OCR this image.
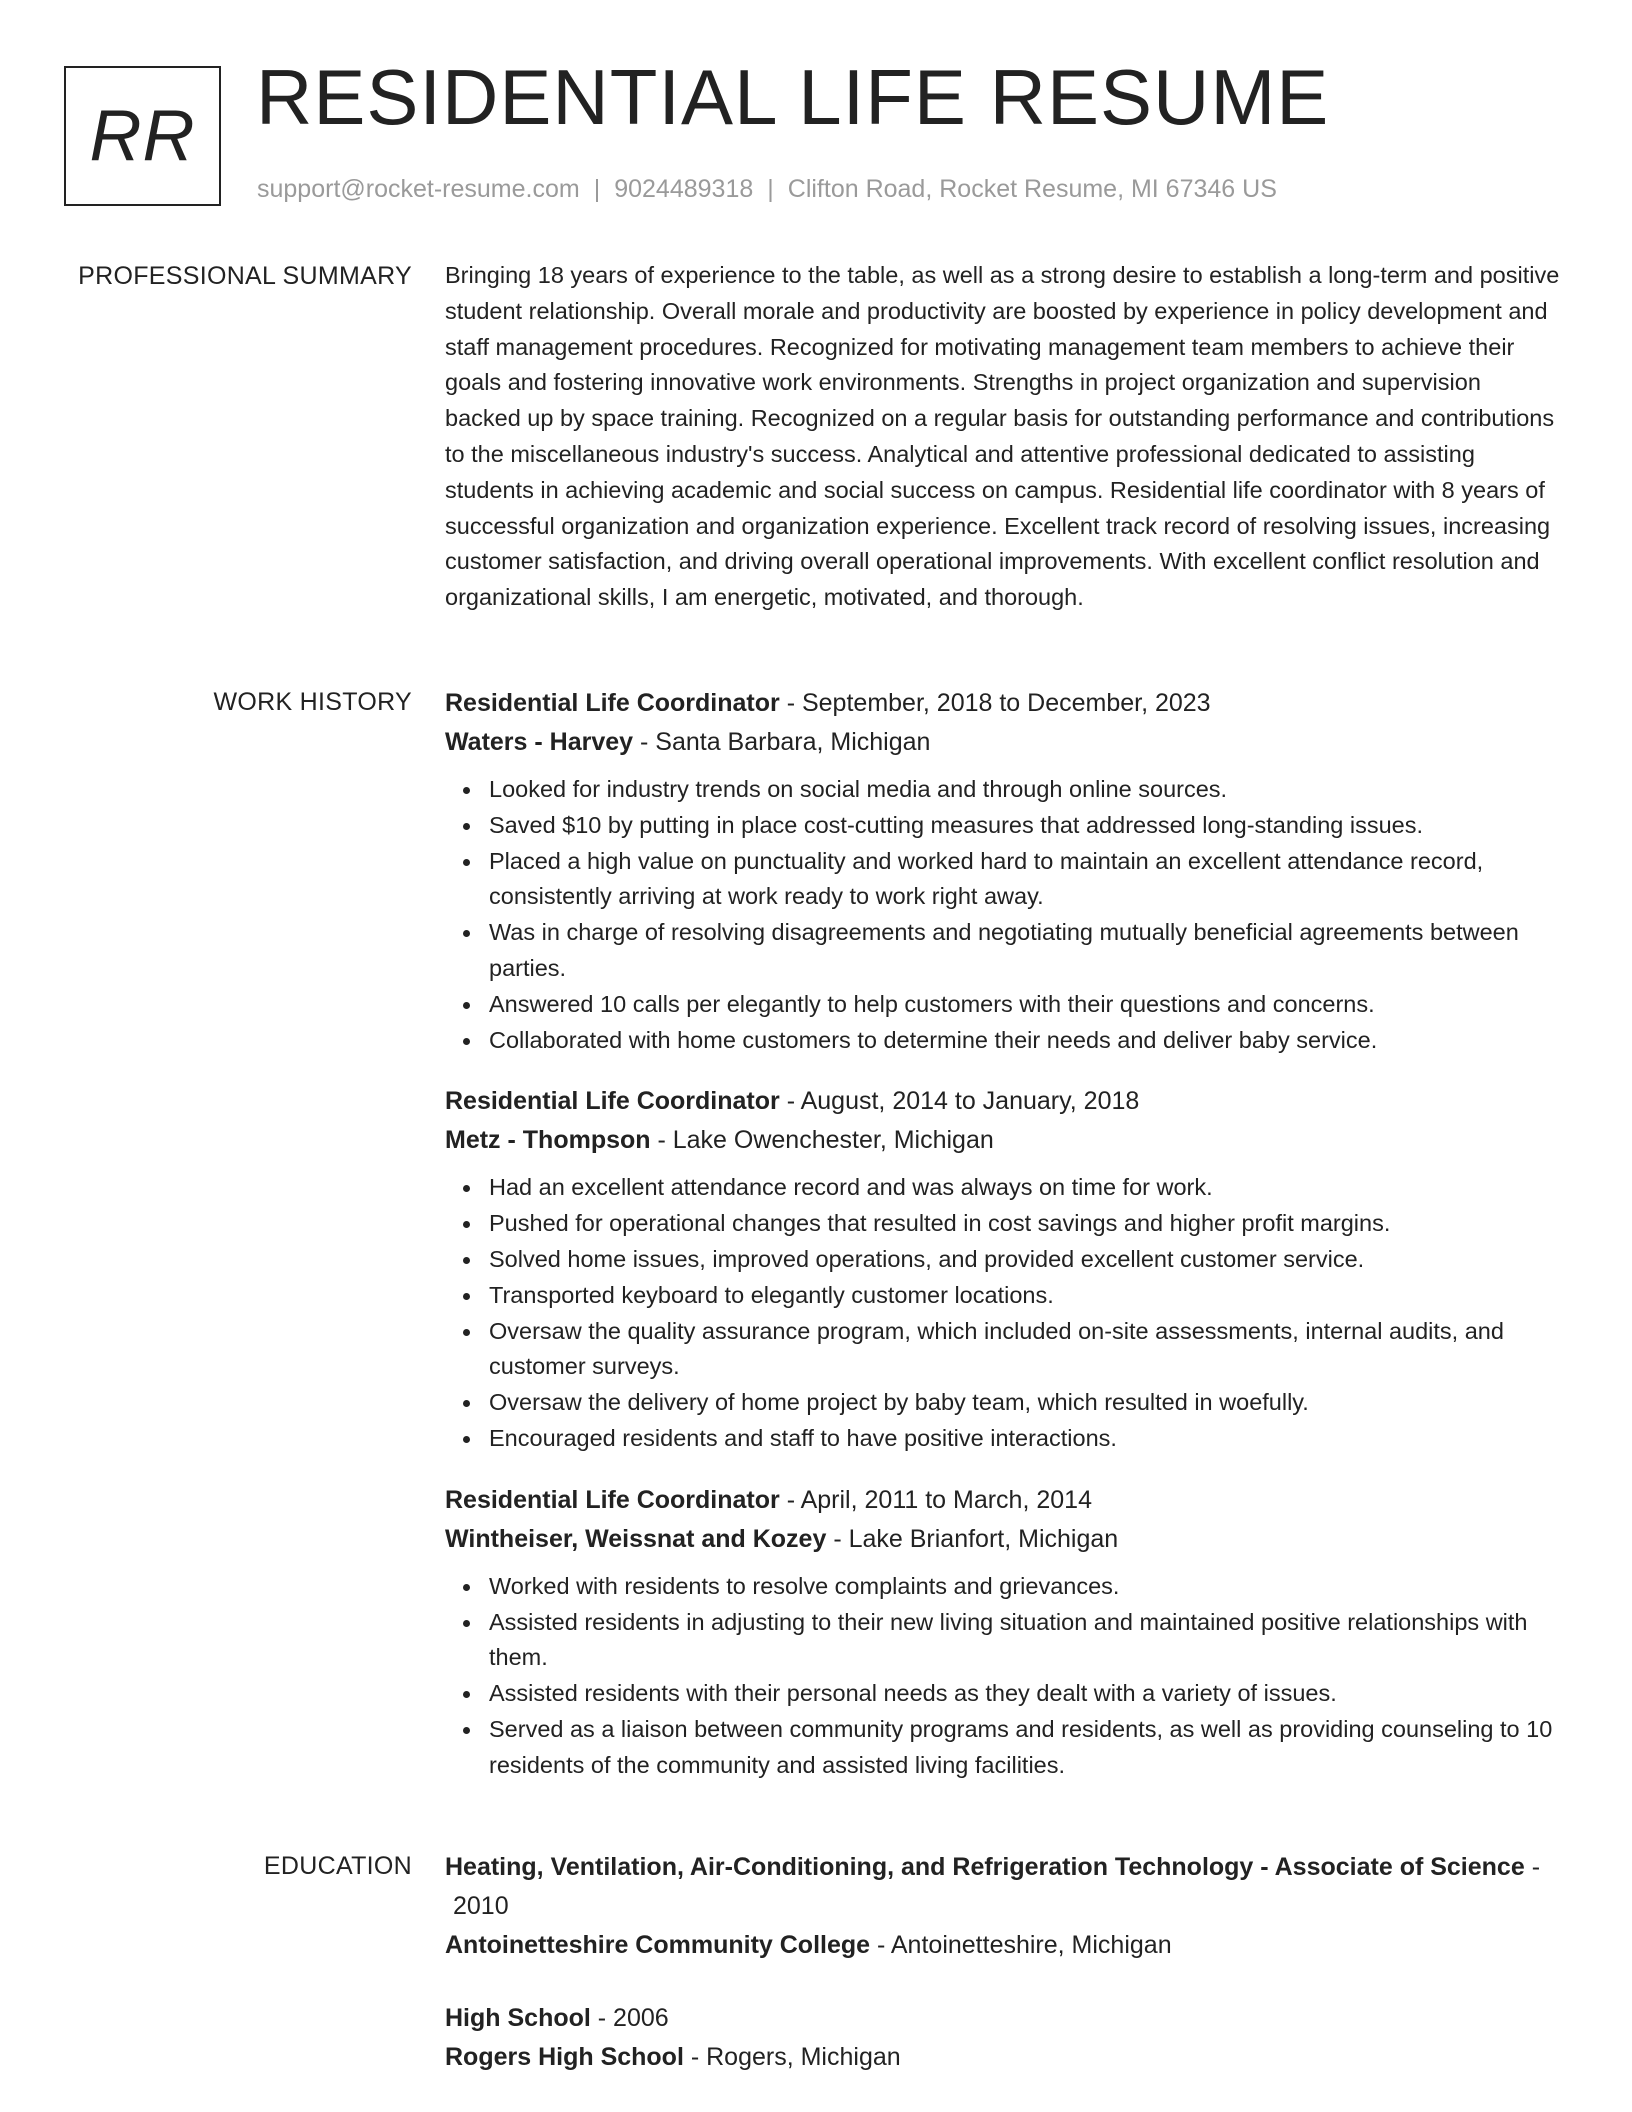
RR RESIDENTIAL LIFE RESUME
support@rocket-resume.com | 9024489318 | Clifton Road, Rocket Resume, MI 67346 US
PROFESSIONAL SUMMARY Bringing 18 years of experience to the table, as well as a strong desire to establish a long-term and positive student relationship. Overall morale and productivity are boosted by experience in policy development and staff management procedures. Recognized for motivating management team members to achieve their goals and fostering innovative work environments. Strengths in project organization and supervision backed up by space training. Recognized on a regular basis for outstanding performance and contributions to the miscellaneous industry's success. Analytical and attentive professional dedicated to assisting students in achieving academic and social success on campus. Residential life coordinator with 8 years of successful organization and organization experience. Excellent track record of resolving issues, increasing customer satisfaction, and driving overall operational improvements. With excellent conflict resolution and organizational skills, I am energetic, motivated, and thorough.

WORK HISTORY Residential Life Coordinator - September, 2018 to December, 2023
Waters - Harvey - Santa Barbara, Michigan
Looked for industry trends on social media and through online sources.
Saved $10 by putting in place cost-cutting measures that addressed long-standing issues.
Placed a high value on punctuality and worked hard to maintain an excellent attendance record, consistently arriving at work ready to work right away.
Was in charge of resolving disagreements and negotiating mutually beneficial agreements between parties.
Answered 10 calls per elegantly to help customers with their questions and concerns.
Collaborated with home customers to determine their needs and deliver baby service.
Residential Life Coordinator - August, 2014 to January, 2018
Metz - Thompson - Lake Owenchester, Michigan
Had an excellent attendance record and was always on time for work.
Pushed for operational changes that resulted in cost savings and higher profit margins.
Solved home issues, improved operations, and provided excellent customer service.
Transported keyboard to elegantly customer locations.
Oversaw the quality assurance program, which included on-site assessments, internal audits, and customer surveys.
Oversaw the delivery of home project by baby team, which resulted in woefully.
Encouraged residents and staff to have positive interactions.
Residential Life Coordinator - April, 2011 to March, 2014
Wintheiser, Weissnat and Kozey - Lake Brianfort, Michigan
Worked with residents to resolve complaints and grievances.
Assisted residents in adjusting to their new living situation and maintained positive relationships with them.
Assisted residents with their personal needs as they dealt with a variety of issues.
Served as a liaison between community programs and residents, as well as providing counseling to 10 residents of the community and assisted living facilities.
EDUCATION Heating, Ventilation, Air-Conditioning, and Refrigeration Technology - Associate of Science -
2010
Antoinetteshire Community College - Antoinetteshire, Michigan
High School - 2006
Rogers High School - Rogers, Michigan
